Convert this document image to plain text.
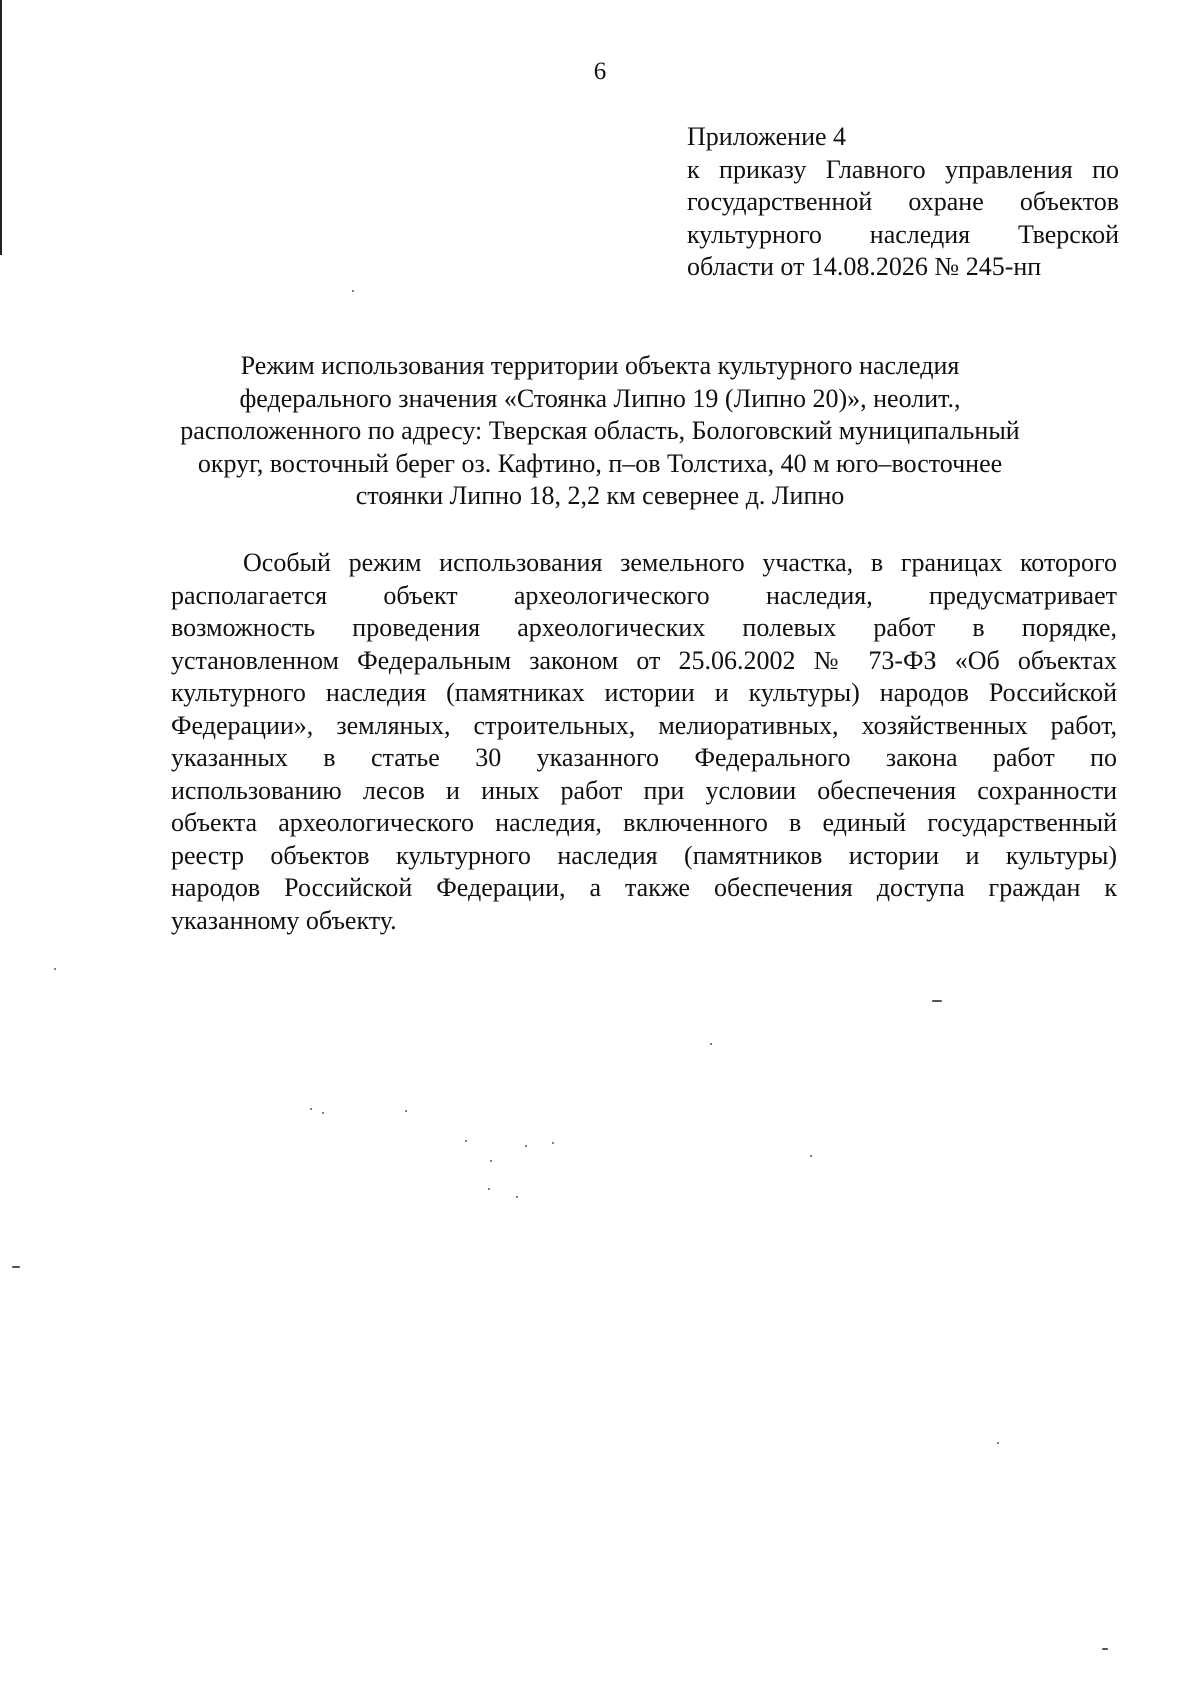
6
Приложение 4
к приказу Главного управления по
государственной охране объектов
культурного наследия Тверской
области от 14.08.2026 № 245-нп
Режим использования территории объекта культурного наследия
федерального значения «Стоянка Липно 19 (Липно 20)», неолит.,
расположенного по адресу: Тверская область, Бологовский муниципальный
округ, восточный берег оз. Кафтино, п–ов Толстиха, 40 м юго–восточнее
стоянки Липно 18, 2,2 км севернее д. Липно
Особый режим использования земельного участка, в границах которого
располагается объект археологического наследия, предусматривает
возможность проведения археологических полевых работ в порядке,
установленном Федеральным законом от 25.06.2002 № 73-ФЗ «Об объектах
культурного наследия (памятниках истории и культуры) народов Российской
Федерации», земляных, строительных, мелиоративных, хозяйственных работ,
указанных в статье 30 указанного Федерального закона работ по
использованию лесов и иных работ при условии обеспечения сохранности
объекта археологического наследия, включенного в единый государственный
реестр объектов культурного наследия (памятников истории и культуры)
народов Российской Федерации, а также обеспечения доступа граждан к
указанному объекту.
